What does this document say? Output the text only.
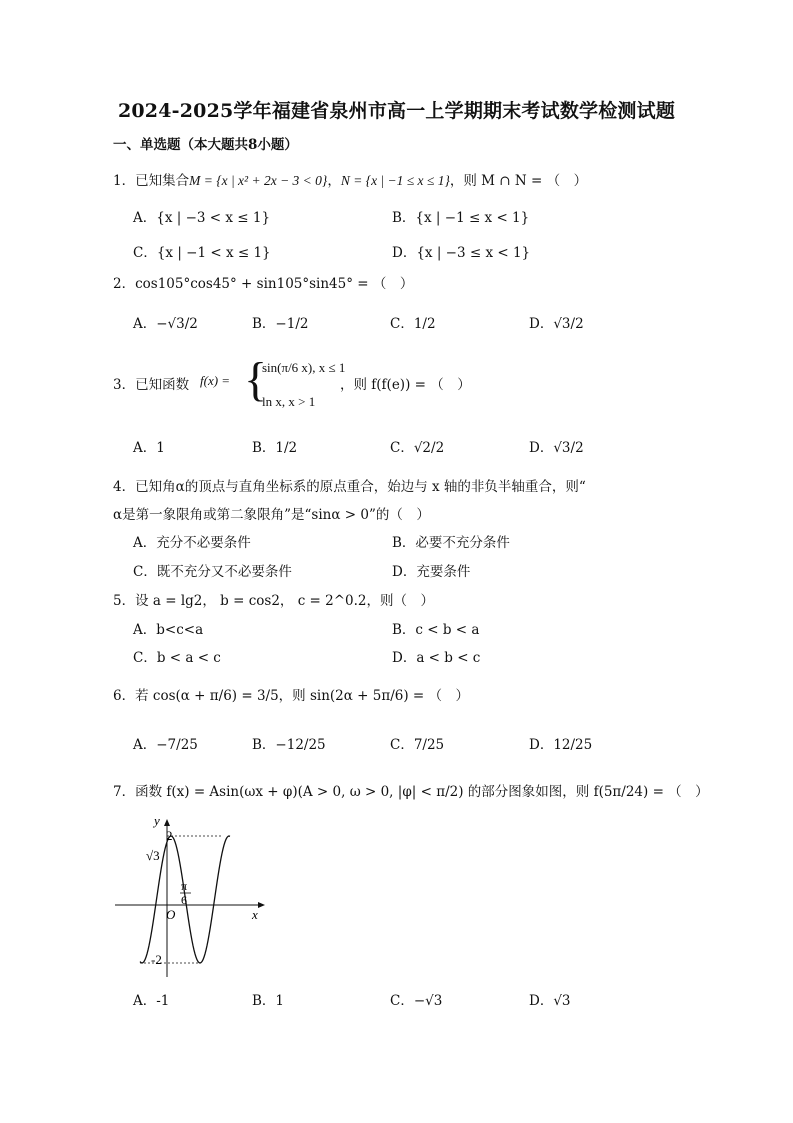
2024-2025学年福建省泉州市高一上学期期末考试数学检测试题
一、单选题（本大题共8小题）
1．已知集合M = {x | x² + 2x − 3 < 0}，N = {x | −1 ≤ x ≤ 1}，则 M ∩ N = （　）
A．{x | −3 < x ≤ 1}	B．{x | −1 ≤ x < 1}
C．{x | −1 < x ≤ 1}	D．{x | −3 ≤ x < 1}
2．cos105°cos45° + sin105°sin45° = （　）
A．−√3/2	B．−1/2	C．1/2	D．√3/2
3．已知函数 f(x) = {
sin(π/6 x), x ≤ 1
ln x, x > 1
，则 f(f(e)) = （　）
A．1	B．1/2	C．√2/2	D．√3/2
4．已知角α的顶点与直角坐标系的原点重合，始边与 x 轴的非负半轴重合，则“
α是第一象限角或第二象限角”是“sinα > 0”的（　）
A．充分不必要条件	B．必要不充分条件
C．既不充分又不必要条件	D．充要条件
5．设 a = lg2， b = cos2， c = 2^0.2，则（　）
A．b<c<a	B．c < b < a
C．b < a < c	D．a < b < c
6．若 cos(α + π/6) = 3/5，则 sin(2α + 5π/6) = （　）
A．−7/25	B．−12/25	C．7/25	D．12/25
7．函数 f(x) = Asin(ωx + φ)(A > 0, ω > 0, |φ| < π/2) 的部分图象如图，则 f(5π/24) = （　）
y
x
2
√3
-2
O
π
6
A．-1	B．1	C．−√3	D．√3
